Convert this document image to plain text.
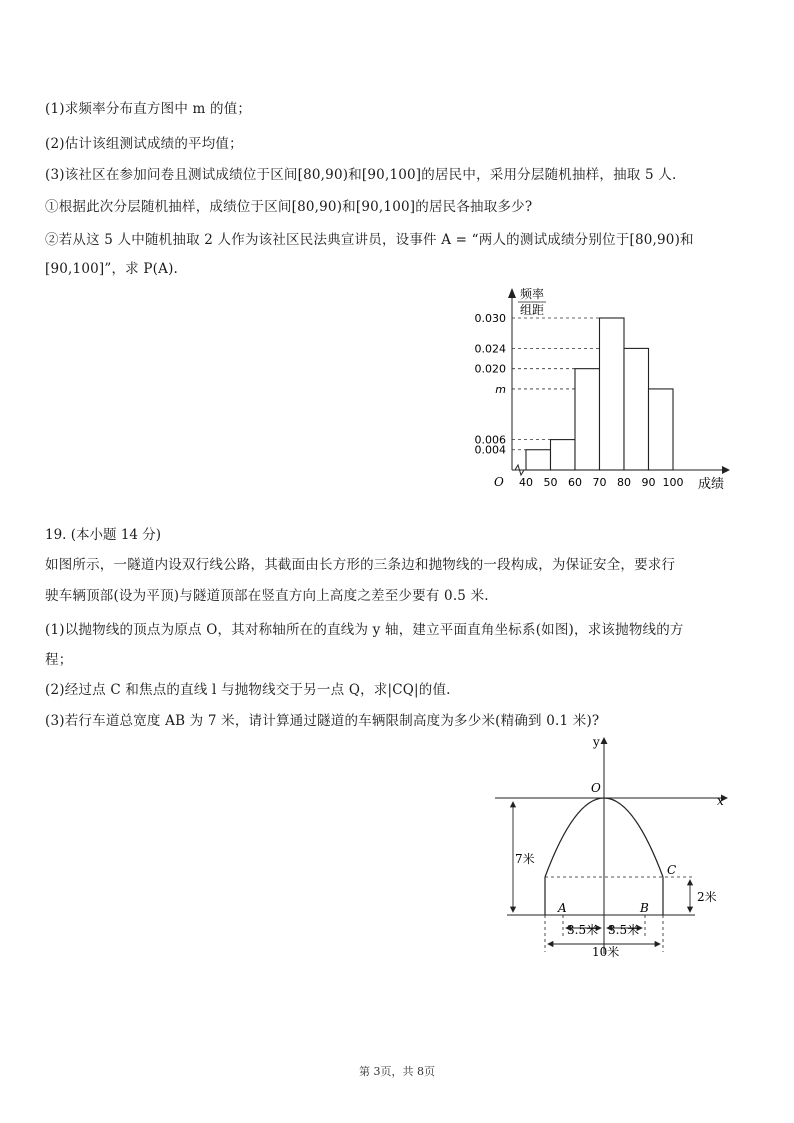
(1)求频率分布直方图中 m 的值；
(2)估计该组测试成绩的平均值；
(3)该社区在参加问卷且测试成绩位于区间[80,90)和[90,100]的居民中，采用分层随机抽样，抽取 5 人.
①根据此次分层随机抽样，成绩位于区间[80,90)和[90,100]的居民各抽取多少?
②若从这 5 人中随机抽取 2 人作为该社区民法典宣讲员，设事件 A = “两人的测试成绩分别位于[80,90)和
[90,100]”，求 P(A).
0.030
0.024
0.020
m
0.006
0.004
40 50 60 70 80 90 100
O	成绩
频率
组距
19. (本小题 14 分)
如图所示，一隧道内设双行线公路，其截面由长方形的三条边和抛物线的一段构成，为保证安全，要求行
驶车辆顶部(设为平顶)与隧道顶部在竖直方向上高度之差至少要有 0.5 米.
(1)以抛物线的顶点为原点 O，其对称轴所在的直线为 y 轴，建立平面直角坐标系(如图)，求该抛物线的方
程；
(2)经过点 C 和焦点的直线 l 与抛物线交于另一点 Q，求|CQ|的值.
(3)若行车道总宽度 AB 为 7 米，请计算通过隧道的车辆限制高度为多少米(精确到 0.1 米)?
y
x
O
7米
2米
C
A	B
3.5米 3.5米
10米
第 3页，共 8页
